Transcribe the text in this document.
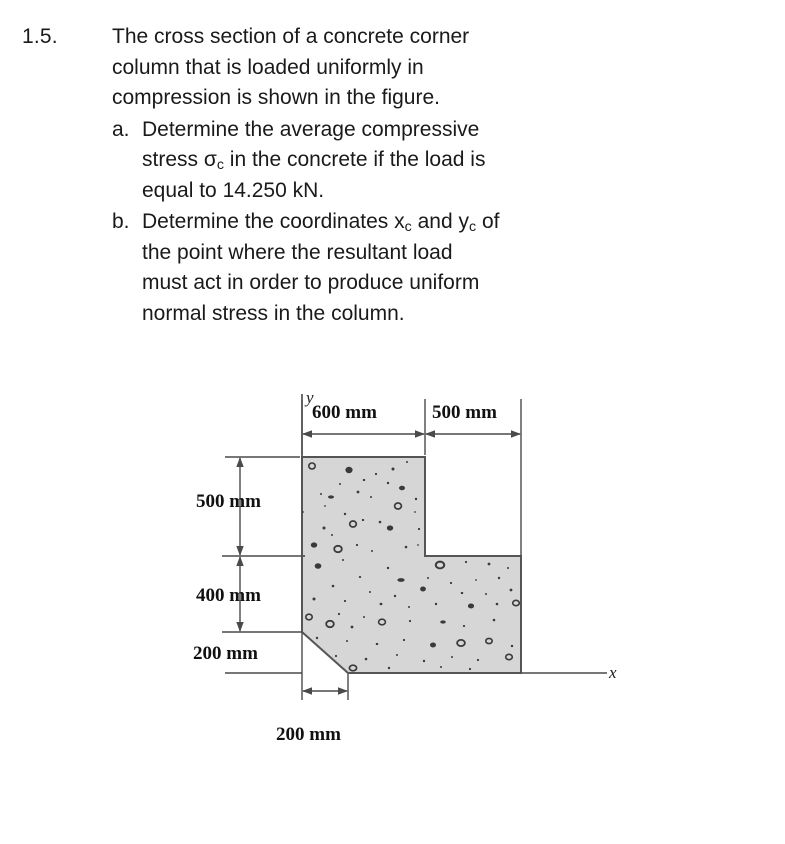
1.5.	The cross section of a concrete corner

column that is loaded uniformly in

compression is shown in the figure.

a. Determine the average compressive
stress $\sigma_c$ in the concrete if the load is
equal to 14.250 kN.
b. Determine the coordinates $x_c$ and $y_c$ of
the point where the resultant load
must act in order to produce uniform
normal stress in the column.
y
x
600 mm	500 mm
500 mm
400 mm
200 mm
200 mm
